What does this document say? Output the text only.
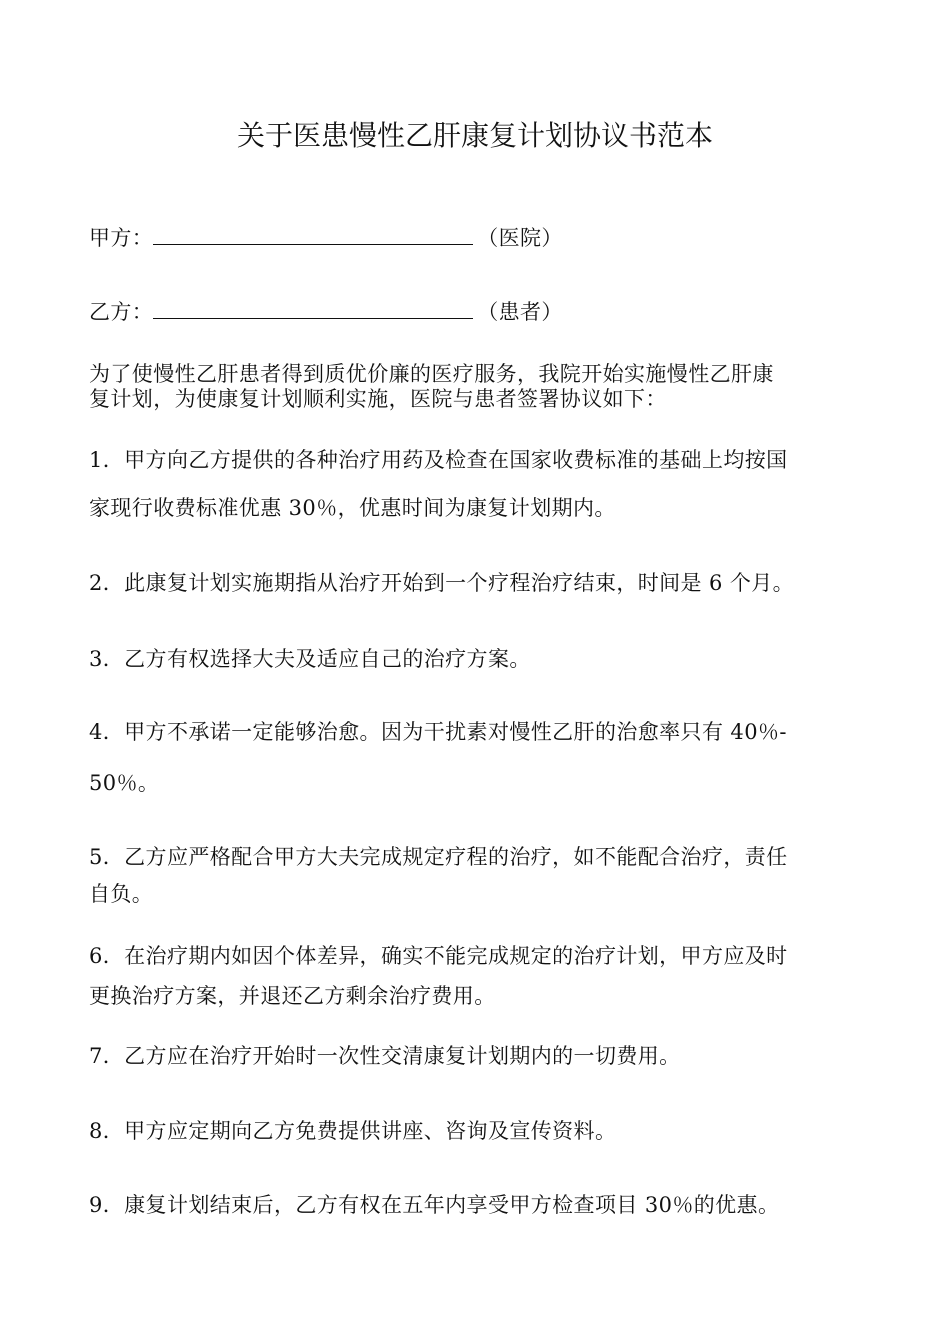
关于医患慢性乙肝康复计划协议书范本
甲方：	（医院）
乙方：	（患者）
为了使慢性乙肝患者得到质优价廉的医疗服务，我院开始实施慢性乙肝康
复计划，为使康复计划顺利实施，医院与患者签署协议如下：
1．甲方向乙方提供的各种治疗用药及检查在国家收费标准的基础上均按国
家现行收费标准优惠 30％，优惠时间为康复计划期内。
2．此康复计划实施期指从治疗开始到一个疗程治疗结束，时间是 6 个月。
3．乙方有权选择大夫及适应自己的治疗方案。
4．甲方不承诺一定能够治愈。因为干扰素对慢性乙肝的治愈率只有 40％-
50％。
5．乙方应严格配合甲方大夫完成规定疗程的治疗，如不能配合治疗，责任
自负。
6．在治疗期内如因个体差异，确实不能完成规定的治疗计划，甲方应及时
更换治疗方案，并退还乙方剩余治疗费用。
7．乙方应在治疗开始时一次性交清康复计划期内的一切费用。
8．甲方应定期向乙方免费提供讲座、咨询及宣传资料。
9．康复计划结束后，乙方有权在五年内享受甲方检查项目 30％的优惠。
